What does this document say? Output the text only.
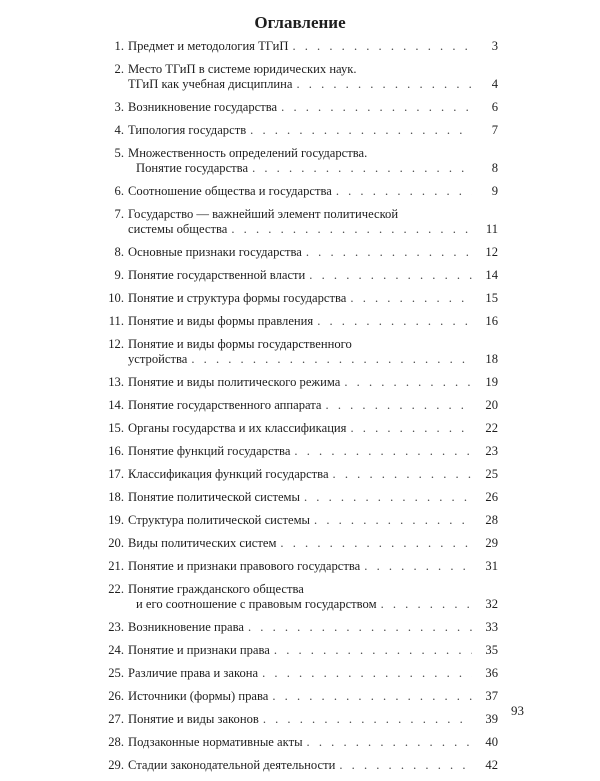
Оглавление
1. Предмет и методология ТГиП . . .	3
2. Место ТГиП в системе юридических наук.
ТГиП как учебная дисциплина . . .	4
3. Возникновение государства . . .	6
4. Типология государств . . .	7
5. Множественность определений государства.
Понятие государства . . .	8
6. Соотношение общества и государства . . .	9
7. Государство — важнейший элемент политической
системы общества . . .	11
8. Основные признаки государства . . .	12
9. Понятие государственной власти . . .	14
10. Понятие и структура формы государства . . .	15
11. Понятие и виды формы правления . . .	16
12. Понятие и виды формы государственного
устройства . . .	18
13. Понятие и виды политического режима . . .	19
14. Понятие государственного аппарата . . .	20
15. Органы государства и их классификация . . .	22
16. Понятие функций государства . . .	23
17. Классификация функций государства . . .	25
18. Понятие политической системы . . .	26
19. Структура политической системы . . .	28
20. Виды политических систем . . .	29
21. Понятие и признаки правового государства . . .	31
22. Понятие гражданского общества
и его соотношение с правовым государством . . .	32
23. Возникновение права . . .	33
24. Понятие и признаки права . . .	35
25. Различие права и закона . . .	36
26. Источники (формы) права . . .	37
27. Понятие и виды законов . . .	39
28. Подзаконные нормативные акты . . .	40
29. Стадии законодательной деятельности . . .	42
93
